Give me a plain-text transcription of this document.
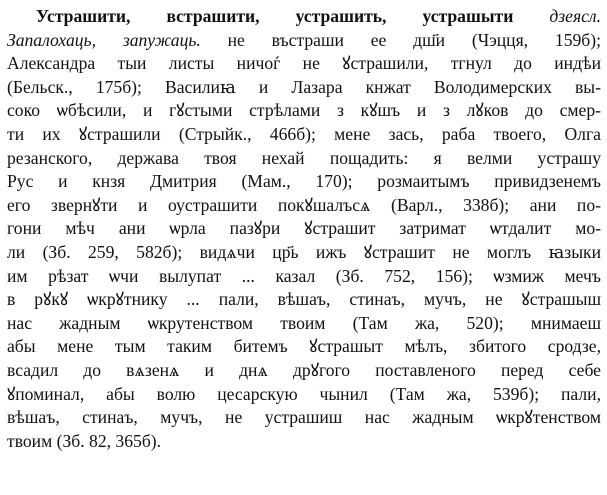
Устрашити, встрашити, устрашить, устрашыти дзеясл.
Запалохаць, запужаць. не въстраши ее дш҃и (Чэцця, 159б);
Александра тыи листы ничоѓ не ꙋстрашили, тгнул до индѣи
(Бельск., 175б); Василиꙗ и Лазара кнжат Володимерских вы-
соко ѡбѣсили, и гꙋстыми стрѣлами з кꙋшъ и з лꙋков до смер-
ти их ꙋстрашили (Стрыйк., 466б); мене зась, раба твоего, Олга
резанского, держава твоя нехай пощадить: я велми устрашу
Рус и кнзя Дмитрия (Мам., 170); розмаитымъ привидзенемъ
его звернꙋти и оустрашити покꙋшалъсѧ (Варл., 338б); ани по-
гони мѣч ани ѡрла пазꙋри ꙋстрашит затримат ѡтдалит мо-
ли (Зб. 259, 582б); видѧчи цр҃ь ижъ ꙋстрашит не моглъ ꙗзыки
им рѣзат ѡчи вылупат ... казал (Зб. 752, 156); ѡзмиж мечъ
в рꙋкꙋ ѡкрꙋтнику ... пали, вѣшаъ, стинаъ, мучъ, не ꙋстрашыш
нас жадным ѡкрутенством твоим (Там жа, 520); мнимаеш
абы мене тым таким битемъ ꙋстрашыт мѣлъ, збитого сродзе,
всадил до вѧзенѧ и днѧ дрꙋгого поставленого перед себе
ꙋпоминал, абы волю цесарскую чынил (Там жа, 539б); пали,
вѣшаъ, стинаъ, мучъ, не устрашиш нас жадным ѡкрꙋтенством
твоим (Зб. 82, 365б).
